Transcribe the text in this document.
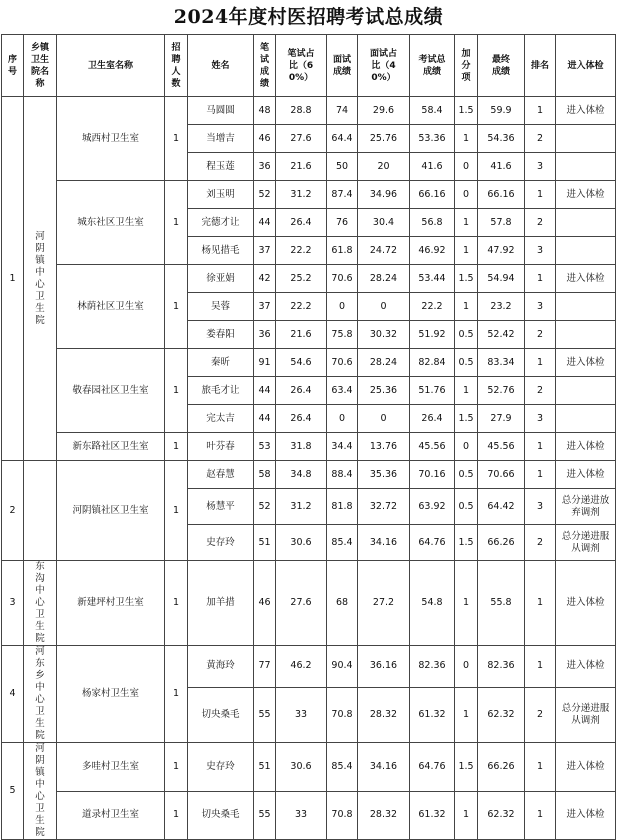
2024年度村医招聘考试总成绩
序号	乡镇卫生院名称	卫生室名称	招聘人数	姓名	笔试成绩	笔试占比（60%）	面试成绩	面试占比（40%）	考试总成绩	加分项	最终成绩	排名	进入体检
1	河阴镇中心卫生院	城西村卫生室	1	马圆圆	48	28.8	74	29.6	58.4	1.5	59.9	1	进入体检

				当增吉	46	27.6	64.4	25.76	53.36	1	54.36	2	

				程玉莲	36	21.6	50	20	41.6	0	41.6	3	

		城东社区卫生室	1	刘玉明	52	31.2	87.4	34.96	66.16	0	66.16	1	进入体检

				完德才让	44	26.4	76	30.4	56.8	1	57.8	2	

				杨见措毛	37	22.2	61.8	24.72	46.92	1	47.92	3	

		林荫社区卫生室	1	徐亚娟	42	25.2	70.6	28.24	53.44	1.5	54.94	1	进入体检

				吴蓉	37	22.2	0	0	22.2	1	23.2	3	

				娄春阳	36	21.6	75.8	30.32	51.92	0.5	52.42	2	

		敬春园社区卫生室	1	秦昕	91	54.6	70.6	28.24	82.84	0.5	83.34	1	进入体检

				旅毛才让	44	26.4	63.4	25.36	51.76	1	52.76	2	

				完太吉	44	26.4	0	0	26.4	1.5	27.9	3	

		新东路社区卫生室	1	叶芬春	53	31.8	34.4	13.76	45.56	0	45.56	1	进入体检

2		河阴镇社区卫生室	1	赵春慧	58	34.8	88.4	35.36	70.16	0.5	70.66	1	进入体检

				杨慧平	52	31.2	81.8	32.72	63.92	0.5	64.42	3	总分递进放弃调剂

				史存玲	51	30.6	85.4	34.16	64.76	1.5	66.26	2	总分递进服从调剂

3	东沟中心卫生院	新建坪村卫生室	1	加羊措	46	27.6	68	27.2	54.8	1	55.8	1	进入体检

4	河东乡中心卫生院	杨家村卫生室	1	黄海玲	77	46.2	90.4	36.16	82.36	0	82.36	1	进入体检

				切央桑毛	55	33	70.8	28.32	61.32	1	62.32	2	总分递进服从调剂

5	河阴镇中心卫生院	多哇村卫生室	1	史存玲	51	30.6	85.4	34.16	64.76	1.5	66.26	1	进入体检

		道录村卫生室	1	切央桑毛	55	33	70.8	28.32	61.32	1	62.32	1	进入体检
